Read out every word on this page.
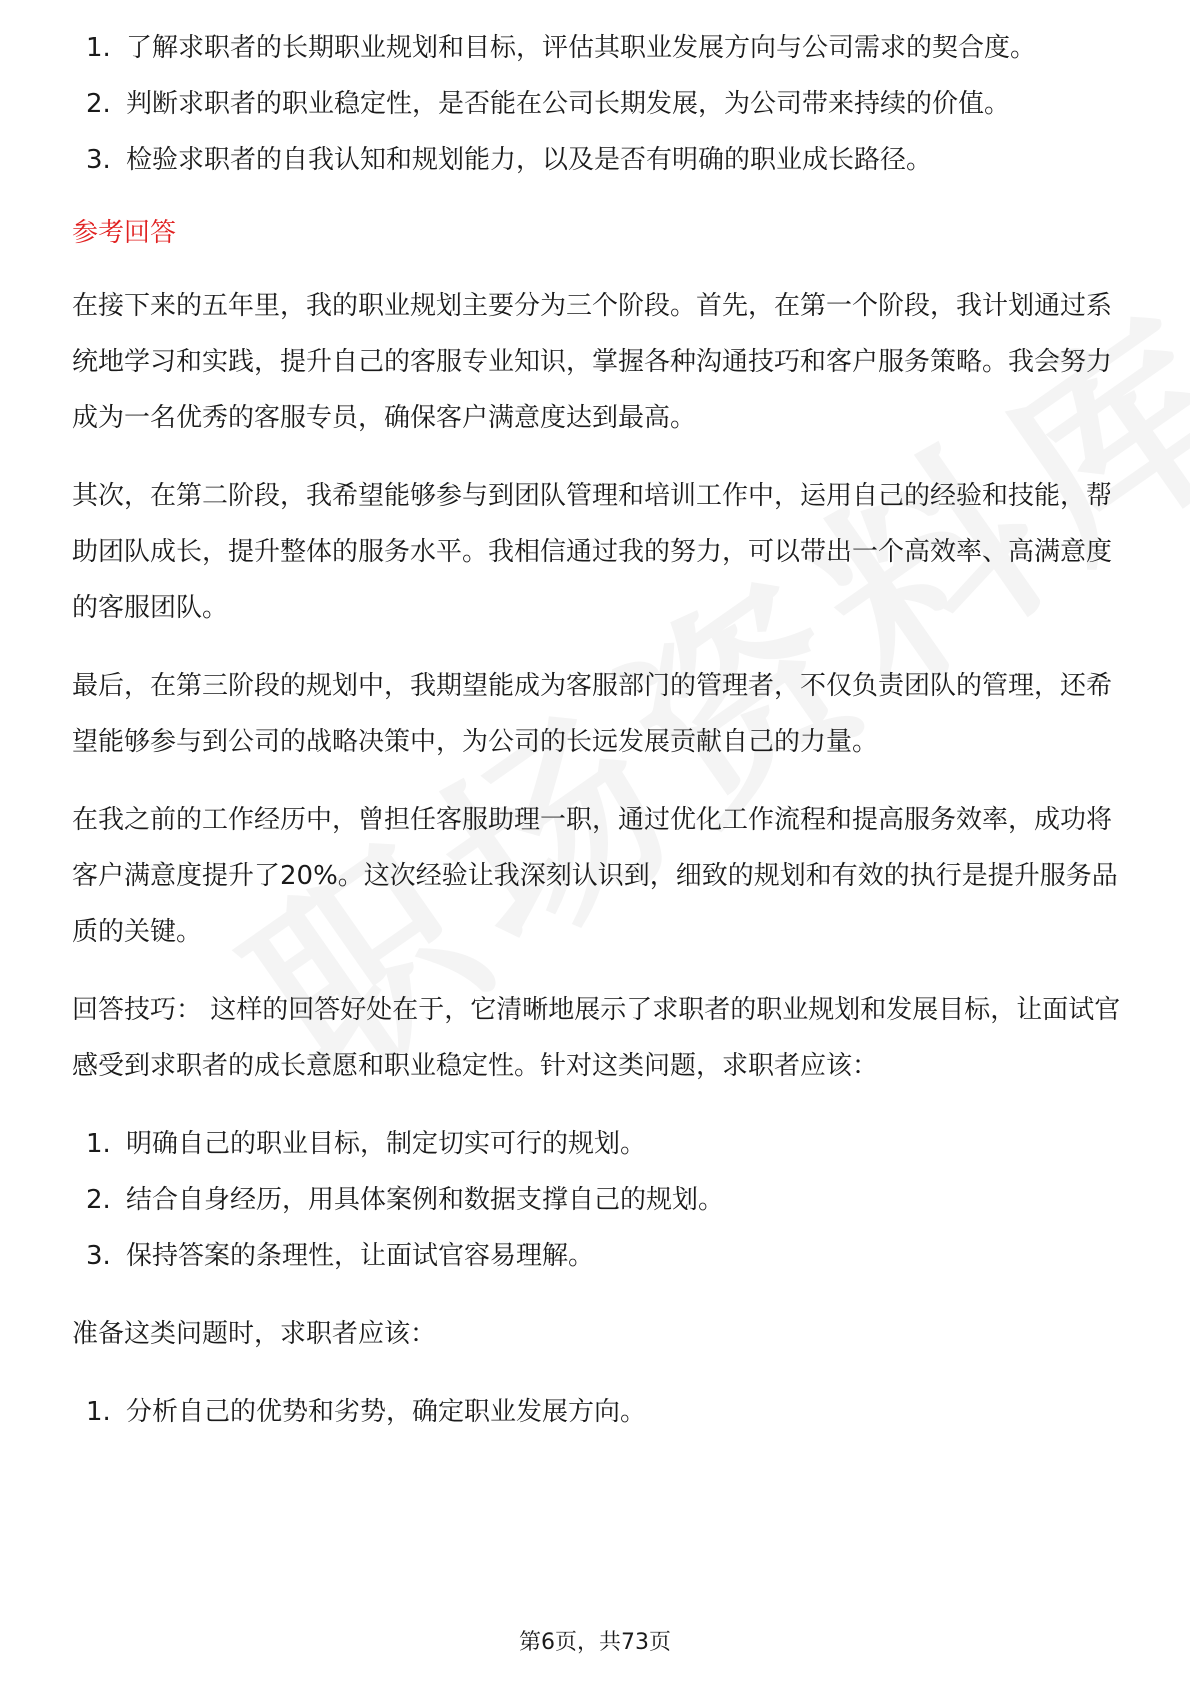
1. 了解求职者的长期职业规划和目标，评估其职业发展方向与公司需求的契合度。
2. 判断求职者的职业稳定性，是否能在公司长期发展，为公司带来持续的价值。
3. 检验求职者的自我认知和规划能力，以及是否有明确的职业成长路径。
参考回答

在接下来的五年里，我的职业规划主要分为三个阶段。首先，在第一个阶段，我计划通过系统地学习和实践，提升自己的客服专业知识，掌握各种沟通技巧和客户服务策略。我会努力成为一名优秀的客服专员，确保客户满意度达到最高。

其次，在第二阶段，我希望能够参与到团队管理和培训工作中，运用自己的经验和技能，帮助团队成长，提升整体的服务水平。我相信通过我的努力，可以带出一个高效率、高满意度的客服团队。

最后，在第三阶段的规划中，我期望能成为客服部门的管理者，不仅负责团队的管理，还希望能够参与到公司的战略决策中，为公司的长远发展贡献自己的力量。

在我之前的工作经历中，曾担任客服助理一职，通过优化工作流程和提高服务效率，成功将客户满意度提升了20%。这次经验让我深刻认识到，细致的规划和有效的执行是提升服务品质的关键。

回答技巧： 这样的回答好处在于，它清晰地展示了求职者的职业规划和发展目标，让面试官感受到求职者的成长意愿和职业稳定性。针对这类问题，求职者应该：

1. 明确自己的职业目标，制定切实可行的规划。
2. 结合自身经历，用具体案例和数据支撑自己的规划。
3. 保持答案的条理性，让面试官容易理解。

准备这类问题时，求职者应该：

1. 分析自己的优势和劣势，确定职业发展方向。
第6页，共73页
